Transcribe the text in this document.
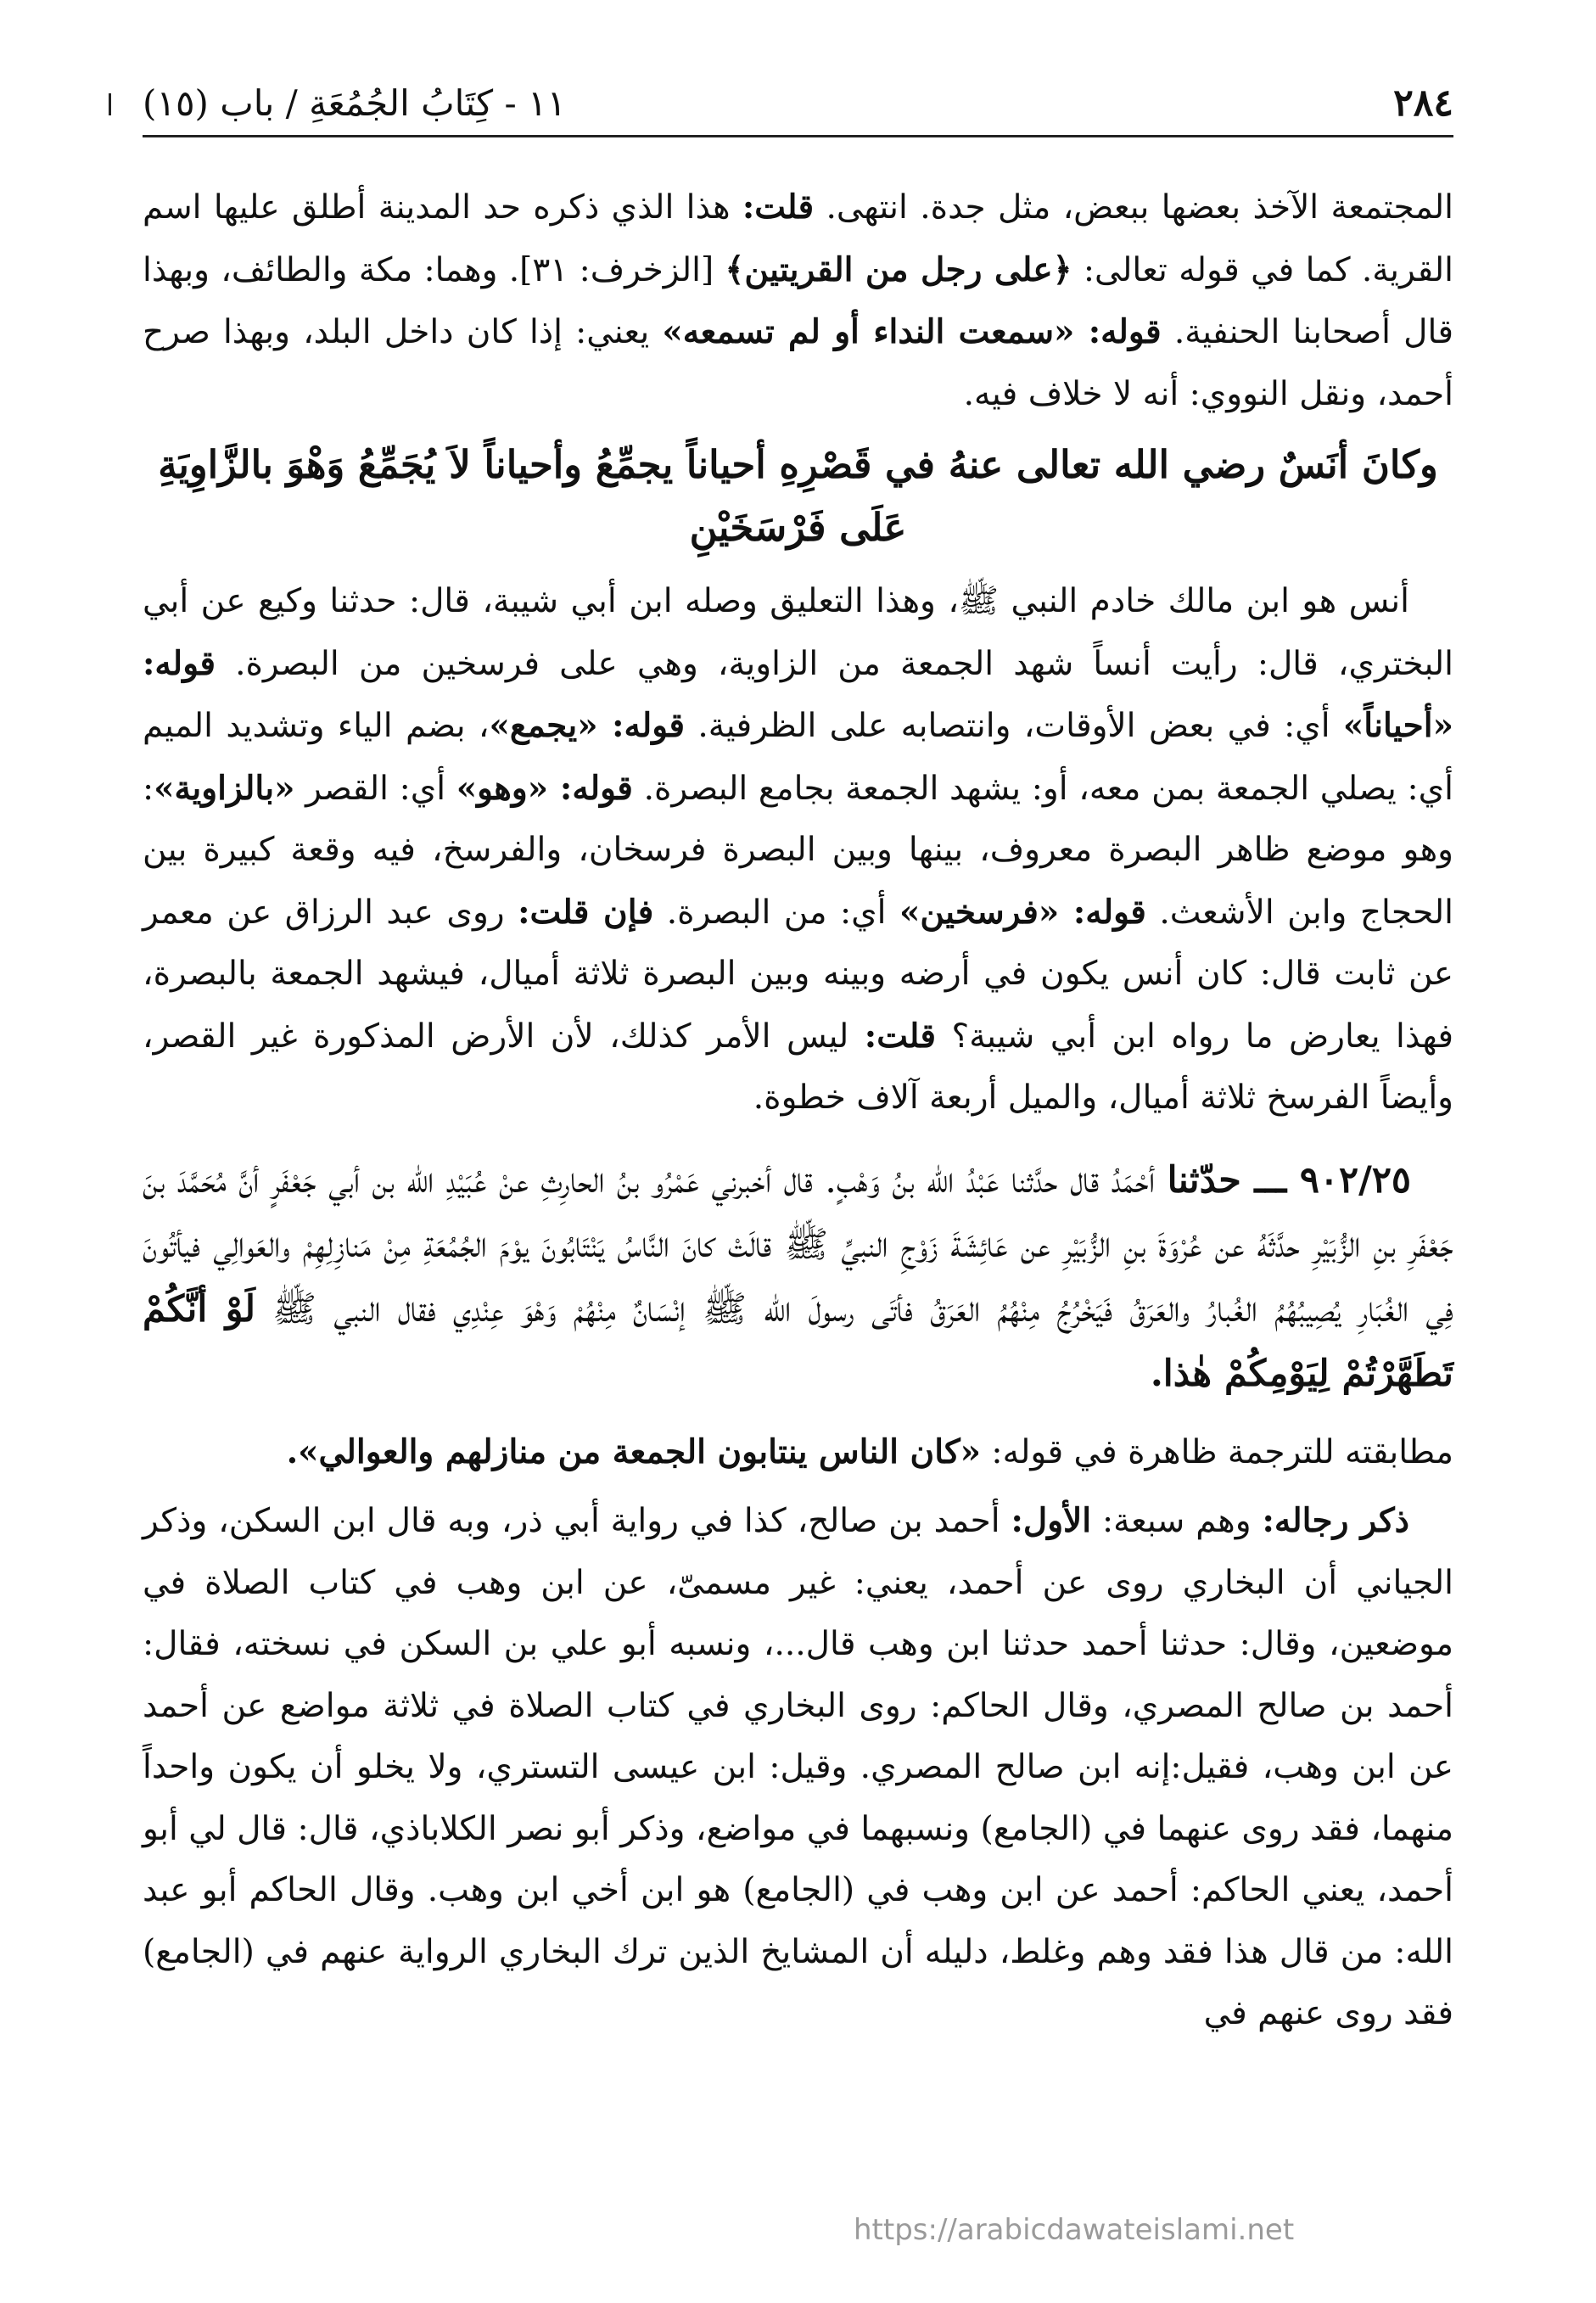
٢٨٤
١١ - كِتَابُ الجُمُعَةِ / باب (١٥)

المجتمعة الآخذ بعضها ببعض، مثل جدة. انتهى. قلت: هذا الذي ذكره حد المدينة أطلق عليها اسم القرية. كما في قوله تعالى: ﴿على رجل من القريتين﴾ [الزخرف: ٣١]. وهما: مكة والطائف، وبهذا قال أصحابنا الحنفية. قوله: «سمعت النداء أو لم تسمعه» يعني: إذا كان داخل البلد، وبهذا صرح أحمد، ونقل النووي: أنه لا خلاف فيه.

وكانَ أنَسٌ رضي الله تعالى عنهُ في قَصْرِهِ أحياناً يجمِّعُ وأحياناً لاَ يُجَمِّعُ وَهْوَ بالزَّاوِيَةِ عَلَى فَرْسَخَيْنِ

أنس هو ابن مالك خادم النبي ﷺ، وهذا التعليق وصله ابن أبي شيبة، قال: حدثنا وكيع عن أبي البختري، قال: رأيت أنساً شهد الجمعة من الزاوية، وهي على فرسخين من البصرة. قوله: «أحياناً» أي: في بعض الأوقات، وانتصابه على الظرفية. قوله: «يجمع»، بضم الياء وتشديد الميم أي: يصلي الجمعة بمن معه، أو: يشهد الجمعة بجامع البصرة. قوله: «وهو» أي: القصر «بالزاوية»: وهو موضع ظاهر البصرة معروف، بينها وبين البصرة فرسخان، والفرسخ، فيه وقعة كبيرة بين الحجاج وابن الأشعث. قوله: «فرسخين» أي: من البصرة. فإن قلت: روى عبد الرزاق عن معمر عن ثابت قال: كان أنس يكون في أرضه وبينه وبين البصرة ثلاثة أميال، فيشهد الجمعة بالبصرة، فهذا يعارض ما رواه ابن أبي شيبة؟ قلت: ليس الأمر كذلك، لأن الأرض المذكورة غير القصر، وأيضاً الفرسخ ثلاثة أميال، والميل أربعة آلاف خطوة.

٩٠٢/٢٥ ـــ حدّثنا أحْمَدُ قال حدَّثنا عَبْدُ الله بنُ وَهْبٍ. قال أخبرني عَمْرُو بنُ الحارِثِ عنْ عُبَيْدِ الله بن أبي جَعْفَرٍ أنَّ مُحَمَّدَ بنَ جَعْفَرِ بنِ الزُّبَيْرِ حدَّثَهُ عن عُرْوَةَ بنِ الزُّبَيْرِ عن عَائِشَةَ زَوْجِ النبيِّ ﷺ قالَتْ كانَ النَّاسُ يَنْتَابُونَ يوْمَ الجُمُعَةِ مِنْ مَنازِلِهِمْ والعَوالِي فيأتُونَ فِي الغُبَارِ يُصِيبُهُمُ الغُبارُ والعَرَقُ فَيَخْرُجُ مِنْهُمُ العَرَقُ فأتَى رسولَ الله ﷺ إنْسَانٌ مِنْهُمْ وَهْوَ عِنْدِي فقال النبي ﷺ لَوْ أنَّكُمْ تَطَهَّرْتُمْ لِيَوْمِكُمْ هٰذا.

مطابقته للترجمة ظاهرة في قوله: «كان الناس ينتابون الجمعة من منازلهم والعوالي».

ذكر رجاله: وهم سبعة: الأول: أحمد بن صالح، كذا في رواية أبي ذر، وبه قال ابن السكن، وذكر الجياني أن البخاري روى عن أحمد، يعني: غير مسمىّ، عن ابن وهب في كتاب الصلاة في موضعين، وقال: حدثنا أحمد حدثنا ابن وهب قال...، ونسبه أبو علي بن السكن في نسخته، فقال: أحمد بن صالح المصري، وقال الحاكم: روى البخاري في كتاب الصلاة في ثلاثة مواضع عن أحمد عن ابن وهب، فقيل:إنه ابن صالح المصري. وقيل: ابن عيسى التستري، ولا يخلو أن يكون واحداً منهما، فقد روى عنهما في (الجامع) ونسبهما في مواضع، وذكر أبو نصر الكلاباذي، قال: قال لي أبو أحمد، يعني الحاكم: أحمد عن ابن وهب في (الجامع) هو ابن أخي ابن وهب. وقال الحاكم أبو عبد الله: من قال هذا فقد وهم وغلط، دليله أن المشايخ الذين ترك البخاري الرواية عنهم في (الجامع) فقد روى عنهم في

https://arabicdawateislami.net
